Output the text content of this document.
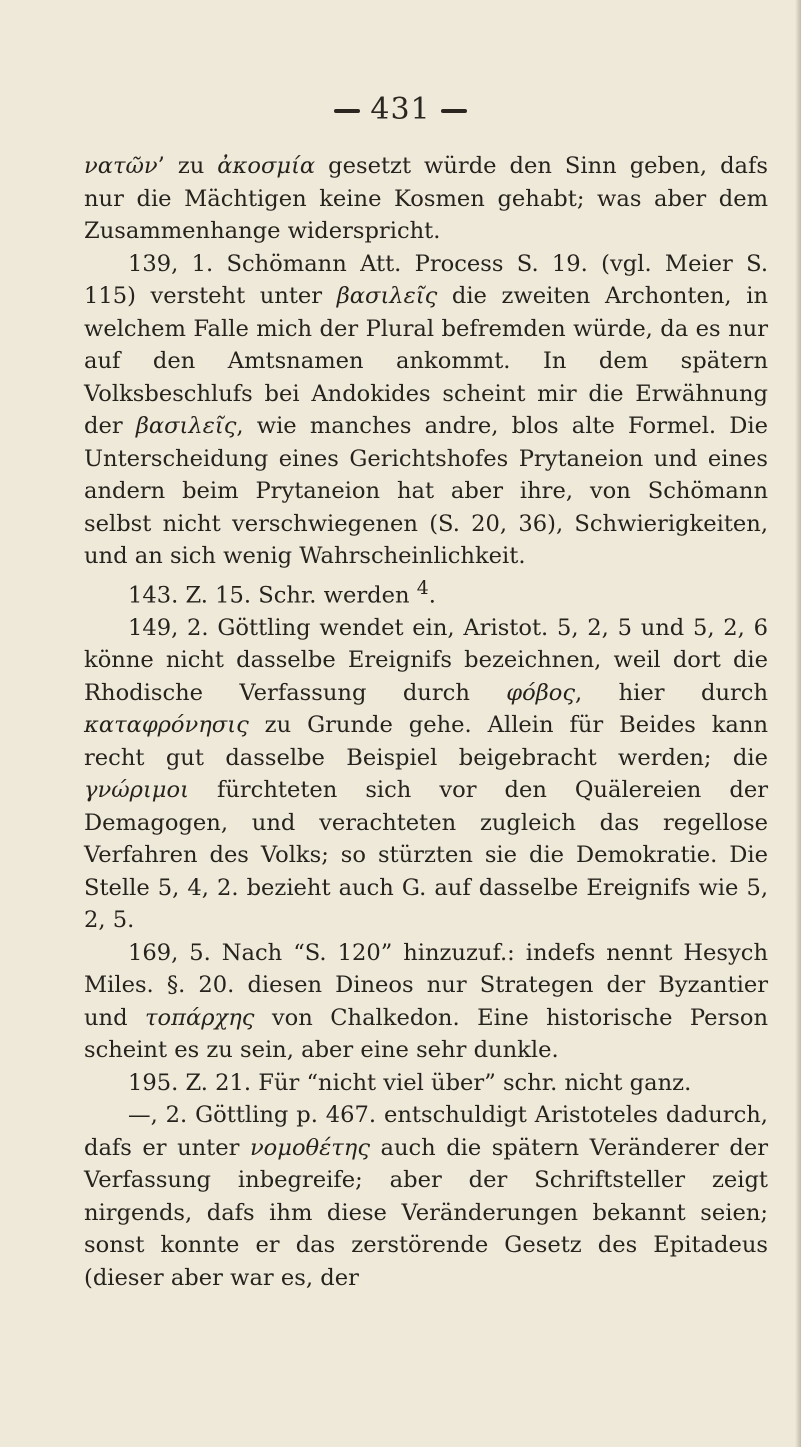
431

νατῶν’ zu ἀκοσμία gesetzt würde den Sinn geben, dafs nur die Mächtigen keine Kosmen gehabt; was aber dem Zusammenhange widerspricht.

139, 1. Schömann Att. Process S. 19. (vgl. Meier S. 115) versteht unter βασιλεῖς die zweiten Archonten, in welchem Falle mich der Plural befremden würde, da es nur auf den Amtsnamen ankommt. In dem spätern Volksbeschlufs bei Andokides scheint mir die Erwähnung der βασιλεῖς, wie manches andre, blos alte Formel. Die Unterscheidung eines Gerichtshofes Prytaneion und eines andern beim Prytaneion hat aber ihre, von Schömann selbst nicht verschwiegenen (S. 20, 36), Schwierigkeiten, und an sich wenig Wahrscheinlichkeit.

143. Z. 15. Schr. werden $^4$.

149, 2. Göttling wendet ein, Aristot. 5, 2, 5 und 5, 2, 6 könne nicht dasselbe Ereignifs bezeichnen, weil dort die Rhodische Verfassung durch φόβος, hier durch καταφρόνησις zu Grunde gehe. Allein für Beides kann recht gut dasselbe Beispiel beigebracht werden; die γνώριμοι fürchteten sich vor den Quälereien der Demagogen, und verachteten zugleich das regellose Verfahren des Volks; so stürzten sie die Demokratie. Die Stelle 5, 4, 2. bezieht auch G. auf dasselbe Ereignifs wie 5, 2, 5.

169, 5. Nach “S. 120” hinzuzuf.: indefs nennt Hesych Miles. §. 20. diesen Dineos nur Strategen der Byzantier und τοπάρχης von Chalkedon. Eine historische Person scheint es zu sein, aber eine sehr dunkle.

195. Z. 21. Für “nicht viel über” schr. nicht ganz.

—, 2. Göttling p. 467. entschuldigt Aristoteles dadurch, dafs er unter νομοθέτης auch die spätern Veränderer der Verfassung inbegreife; aber der Schriftsteller zeigt nirgends, dafs ihm diese Veränderungen bekannt seien; sonst konnte er das zerstörende Gesetz des Epitadeus (dieser aber war es, der
